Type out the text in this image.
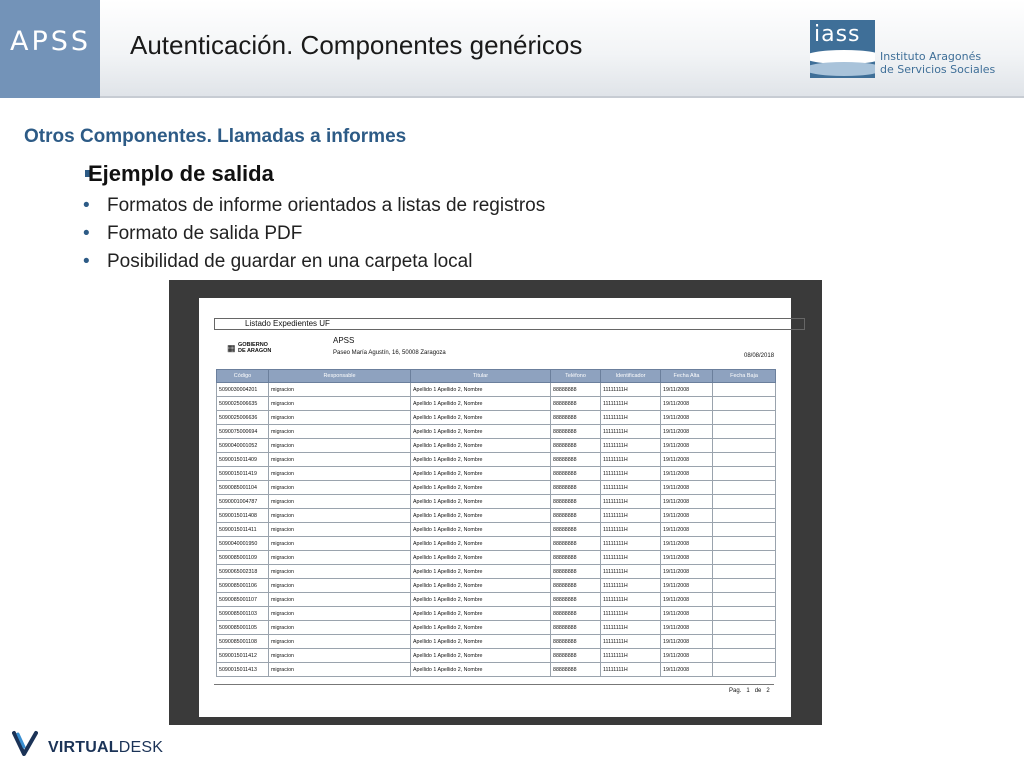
APSS Autenticación. Componentes genéricos	iass
Instituto Aragonés
de Servicios Sociales
Otros Componentes. Llamadas a informes
Ejemplo de salida
• Formatos de informe orientados a listas de registros
• Formato de salida PDF
• Posibilidad de guardar en una carpeta local
Listado Expedientes UF
▦ GOBIERNO
DE ARAGON
APSS
Paseo María Agustín, 16, 50008 Zaragoza	08/08/2018
Código	Responsable	Titular	Teléfono	Identificador	Fecha Alta	Fecha Baja
5090030004201	migracion	Apellido 1 Apellido 2, Nombre	88888888	11111111H	19/11/2008	
5090025006635	migracion	Apellido 1 Apellido 2, Nombre	88888888	11111111H	19/11/2008	
5090025006636	migracion	Apellido 1 Apellido 2, Nombre	88888888	11111111H	19/11/2008	
5090075000694	migracion	Apellido 1 Apellido 2, Nombre	88888888	11111111H	19/11/2008	
5090040001052	migracion	Apellido 1 Apellido 2, Nombre	88888888	11111111H	19/11/2008	
5090015011409	migracion	Apellido 1 Apellido 2, Nombre	88888888	11111111H	19/11/2008	
5090015011419	migracion	Apellido 1 Apellido 2, Nombre	88888888	11111111H	19/11/2008	
5090085001104	migracion	Apellido 1 Apellido 2, Nombre	88888888	11111111H	19/11/2008	
5090001004787	migracion	Apellido 1 Apellido 2, Nombre	88888888	11111111H	19/11/2008	
5090015011408	migracion	Apellido 1 Apellido 2, Nombre	88888888	11111111H	19/11/2008	
5090015011411	migracion	Apellido 1 Apellido 2, Nombre	88888888	11111111H	19/11/2008	
5090040001950	migracion	Apellido 1 Apellido 2, Nombre	88888888	11111111H	19/11/2008	
5090085001109	migracion	Apellido 1 Apellido 2, Nombre	88888888	11111111H	19/11/2008	
5090065002318	migracion	Apellido 1 Apellido 2, Nombre	88888888	11111111H	19/11/2008	
5090085001106	migracion	Apellido 1 Apellido 2, Nombre	88888888	11111111H	19/11/2008	
5090085001107	migracion	Apellido 1 Apellido 2, Nombre	88888888	11111111H	19/11/2008	
5090085001103	migracion	Apellido 1 Apellido 2, Nombre	88888888	11111111H	19/11/2008	
5090085001105	migracion	Apellido 1 Apellido 2, Nombre	88888888	11111111H	19/11/2008	
5090085001108	migracion	Apellido 1 Apellido 2, Nombre	88888888	11111111H	19/11/2008	
5090015011412	migracion	Apellido 1 Apellido 2, Nombre	88888888	11111111H	19/11/2008	
5090015011413	migracion	Apellido 1 Apellido 2, Nombre	88888888	11111111H	19/11/2008	
Pag. 1 de 2
VIRTUALDESK
